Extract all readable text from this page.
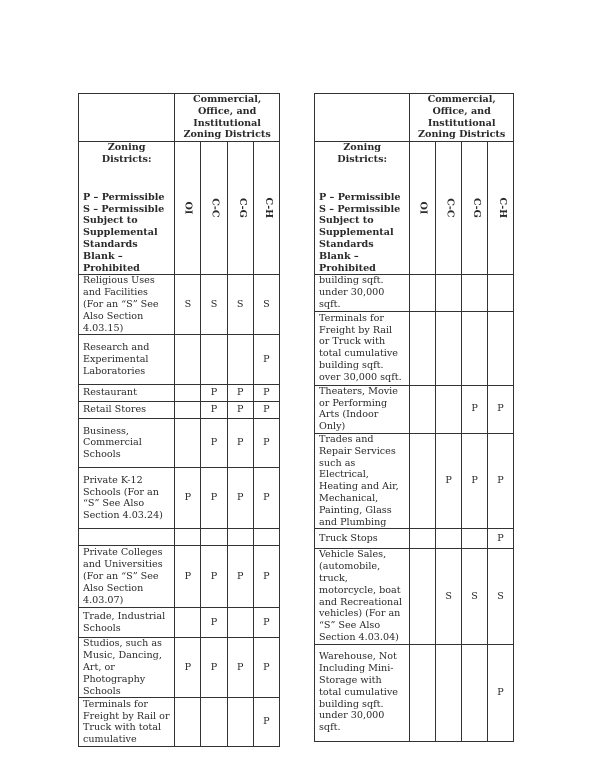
	Commercial, Office, and Institutional Zoning Districts			

Zoning Districts:
P – Permissible
S – Permissible Subject to Supplemental Standards
Blank – Prohibited	OI	C-C	C-G	C-H
Religious Uses and Facilities (For an “S” See Also Section 4.03.15)	S	S	S	S
Research and Experimental Laboratories				P
Restaurant		P	P	P
Retail Stores		P	P	P
Business, Commercial Schools		P	P	P
Private K-12 Schools (For an “S” See Also Section 4.03.24)	P	P	P	P

Private Colleges and Universities (For an “S” See Also Section 4.03.07)	P	P	P	P
Trade, Industrial Schools		P		P
Studios, such as Music, Dancing, Art, or Photography Schools	P	P	P	P
Terminals for Freight by Rail or Truck with total cumulative				P
	Commercial, Office, and Institutional Zoning Districts			

Zoning Districts:
P – Permissible
S – Permissible Subject to Supplemental Standards
Blank – Prohibited	OI	C-C	C-G	C-H
building sqft. under 30,000 sqft.				
Terminals for Freight by Rail or Truck with total cumulative building sqft. over 30,000 sqft.				
Theaters, Movie or Performing Arts (Indoor Only)			P	P
Trades and Repair Services such as Electrical, Heating and Air, Mechanical, Painting, Glass and Plumbing		P	P	P
Truck Stops				P
Vehicle Sales, (automobile, truck, motorcycle, boat and Recreational vehicles) (For an “S” See Also Section 4.03.04)		S	S	S
Warehouse, Not Including Mini-Storage with total cumulative building sqft. under 30,000 sqft.				P
